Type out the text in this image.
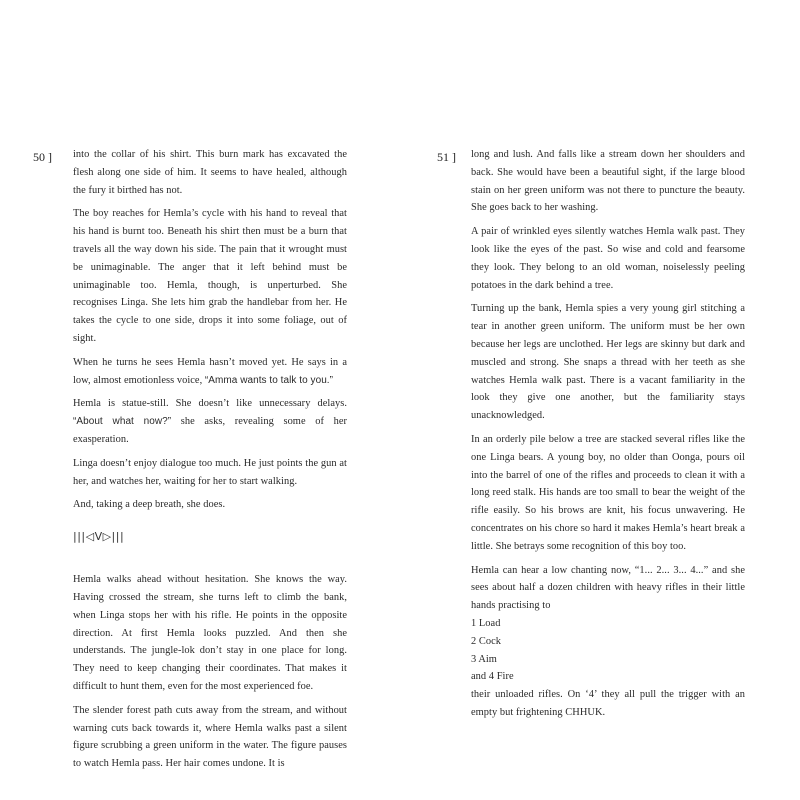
50 ] into the collar of his shirt. This burn mark has excavated the flesh along one side of him. It seems to have healed, although the fury it birthed has not.

The boy reaches for Hemla’s cycle with his hand to reveal that his hand is burnt too. Beneath his shirt then must be a burn that travels all the way down his side. The pain that it wrought must be unimaginable. The anger that it left behind must be unimaginable too. Hemla, though, is unperturbed. She recognises Linga. She lets him grab the handlebar from her. He takes the cycle to one side, drops it into some foliage, out of sight.

When he turns he sees Hemla hasn’t moved yet. He says in a low, almost emotionless voice, “Amma wants to talk to you.”

Hemla is statue-still. She doesn’t like unnecessary delays. “About what now?” she asks, revealing some of her exasperation.

Linga doesn’t enjoy dialogue too much. He just points the gun at her, and watches her, waiting for her to start walking.

And, taking a deep breath, she does.

|||◁V▷|||

Hemla walks ahead without hesitation. She knows the way. Having crossed the stream, she turns left to climb the bank, when Linga stops her with his rifle. He points in the opposite direction. At first Hemla looks puzzled. And then she understands. The jungle-lok don’t stay in one place for long. They need to keep changing their coordinates. That makes it difficult to hunt them, even for the most experienced foe.

The slender forest path cuts away from the stream, and without warning cuts back towards it, where Hemla walks past a silent figure scrubbing a green uniform in the water. The figure pauses to watch Hemla pass. Her hair comes undone. It is

51 ] long and lush. And falls like a stream down her shoulders and back. She would have been a beautiful sight, if the large blood stain on her green uniform was not there to puncture the beauty. She goes back to her washing.

A pair of wrinkled eyes silently watches Hemla walk past. They look like the eyes of the past. So wise and cold and fearsome they look. They belong to an old woman, noiselessly peeling potatoes in the dark behind a tree.

Turning up the bank, Hemla spies a very young girl stitching a tear in another green uniform. The uniform must be her own because her legs are unclothed. Her legs are skinny but dark and muscled and strong. She snaps a thread with her teeth as she watches Hemla walk past. There is a vacant familiarity in the look they give one another, but the familiarity stays unacknowledged.

In an orderly pile below a tree are stacked several rifles like the one Linga bears. A young boy, no older than Oonga, pours oil into the barrel of one of the rifles and proceeds to clean it with a long reed stalk. His hands are too small to bear the weight of the rifle easily. So his brows are knit, his focus unwavering. He concentrates on his chore so hard it makes Hemla’s heart break a little. She betrays some recognition of this boy too.

Hemla can hear a low chanting now, “1... 2... 3... 4...” and she sees about half a dozen children with heavy rifles in their little hands practising to

1 Load

2 Cock

3 Aim

and 4 Fire

their unloaded rifles. On ‘4’ they all pull the trigger with an empty but frightening CHHUK.
